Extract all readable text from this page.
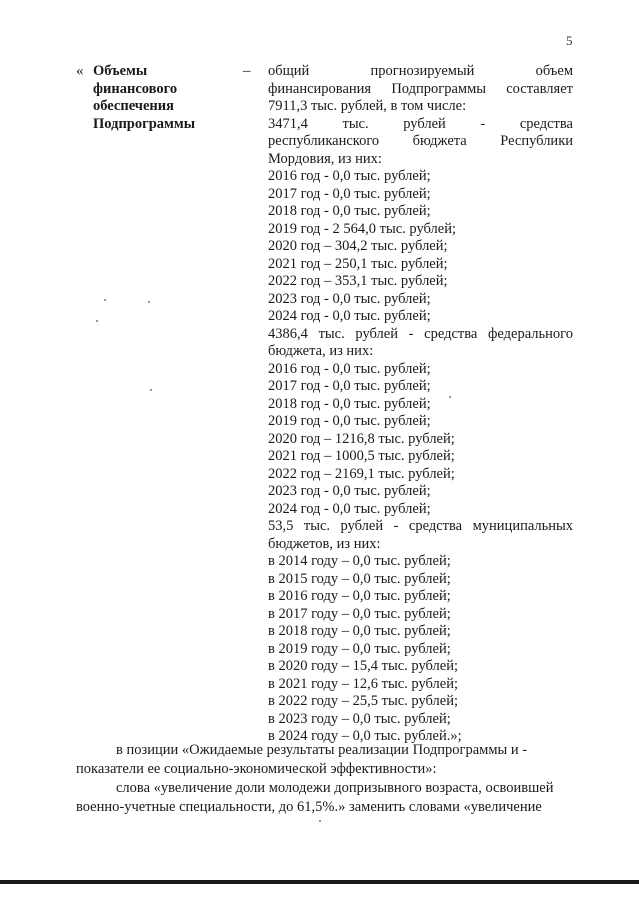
5
« Объемы
финансового
обеспечения
Подпрограммы
– общий прогнозируемый объем
финансирования Подпрограммы составляет
7911,3 тыс. рублей, в том числе:
3471,4 тыс. рублей - средства
республиканского бюджета Республики
Мордовия, из них:
2016 год - 0,0 тыс. рублей;
2017 год - 0,0 тыс. рублей;
2018 год - 0,0 тыс. рублей;
2019 год - 2 564,0 тыс. рублей;
2020 год – 304,2 тыс. рублей;
2021 год – 250,1 тыс. рублей;
2022 год – 353,1 тыс. рублей;
2023 год - 0,0 тыс. рублей;
2024 год - 0,0 тыс. рублей;
4386,4 тыс. рублей - средства федерального
бюджета, из них:
2016 год - 0,0 тыс. рублей;
2017 год - 0,0 тыс. рублей;
2018 год - 0,0 тыс. рублей;
2019 год - 0,0 тыс. рублей;
2020 год – 1216,8 тыс. рублей;
2021 год – 1000,5 тыс. рублей;
2022 год – 2169,1 тыс. рублей;
2023 год - 0,0 тыс. рублей;
2024 год - 0,0 тыс. рублей;
53,5 тыс. рублей - средства муниципальных
бюджетов, из них:
в 2014 году – 0,0 тыс. рублей;
в 2015 году – 0,0 тыс. рублей;
в 2016 году – 0,0 тыс. рублей;
в 2017 году – 0,0 тыс. рублей;
в 2018 году – 0,0 тыс. рублей;
в 2019 году – 0,0 тыс. рублей;
в 2020 году – 15,4 тыс. рублей;
в 2021 году – 12,6 тыс. рублей;
в 2022 году – 25,5 тыс. рублей;
в 2023 году – 0,0 тыс. рублей;
в 2024 году – 0,0 тыс. рублей.»;
в позиции «Ожидаемые результаты реализации Подпрограммы и -
показатели ее социально-экономической эффективности»:
слова «увеличение доли молодежи допризывного возраста, освоившей
военно-учетные специальности, до 61,5%.» заменить словами «увеличение
